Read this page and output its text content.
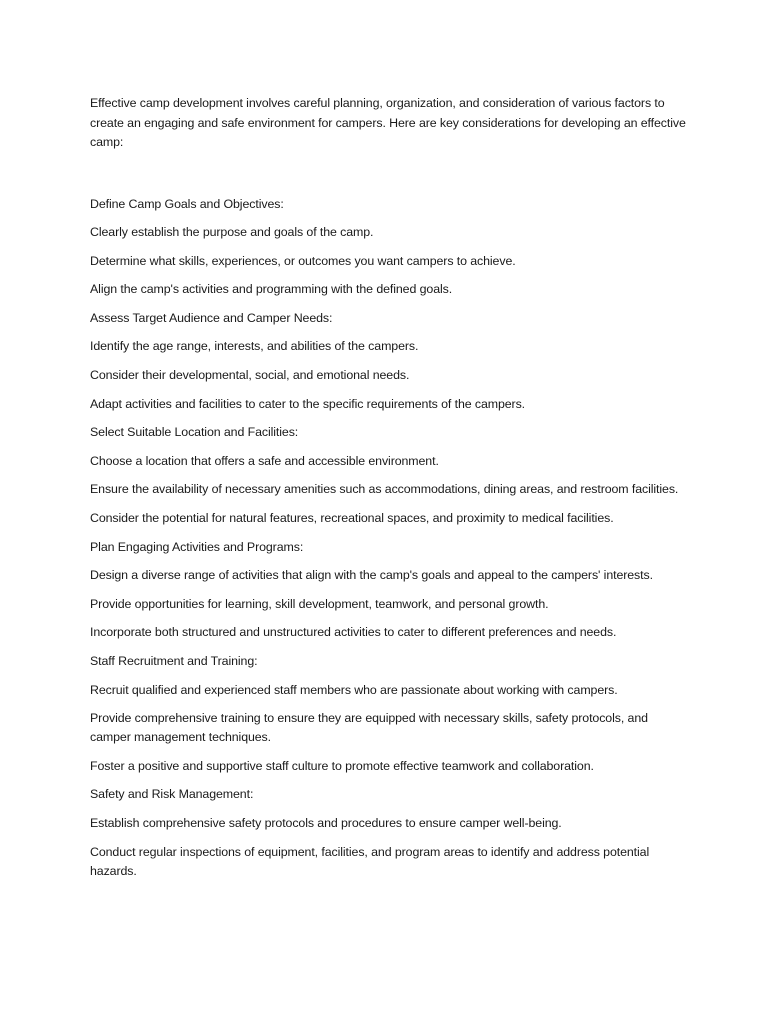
Effective camp development involves careful planning, organization, and consideration of various factors to create an engaging and safe environment for campers. Here are key considerations for developing an effective camp:

Define Camp Goals and Objectives:

Clearly establish the purpose and goals of the camp.

Determine what skills, experiences, or outcomes you want campers to achieve.

Align the camp's activities and programming with the defined goals.

Assess Target Audience and Camper Needs:

Identify the age range, interests, and abilities of the campers.

Consider their developmental, social, and emotional needs.

Adapt activities and facilities to cater to the specific requirements of the campers.

Select Suitable Location and Facilities:

Choose a location that offers a safe and accessible environment.

Ensure the availability of necessary amenities such as accommodations, dining areas, and restroom facilities.

Consider the potential for natural features, recreational spaces, and proximity to medical facilities.

Plan Engaging Activities and Programs:

Design a diverse range of activities that align with the camp's goals and appeal to the campers' interests.

Provide opportunities for learning, skill development, teamwork, and personal growth.

Incorporate both structured and unstructured activities to cater to different preferences and needs.

Staff Recruitment and Training:

Recruit qualified and experienced staff members who are passionate about working with campers.

Provide comprehensive training to ensure they are equipped with necessary skills, safety protocols, and camper management techniques.

Foster a positive and supportive staff culture to promote effective teamwork and collaboration.

Safety and Risk Management:

Establish comprehensive safety protocols and procedures to ensure camper well-being.

Conduct regular inspections of equipment, facilities, and program areas to identify and address potential hazards.
